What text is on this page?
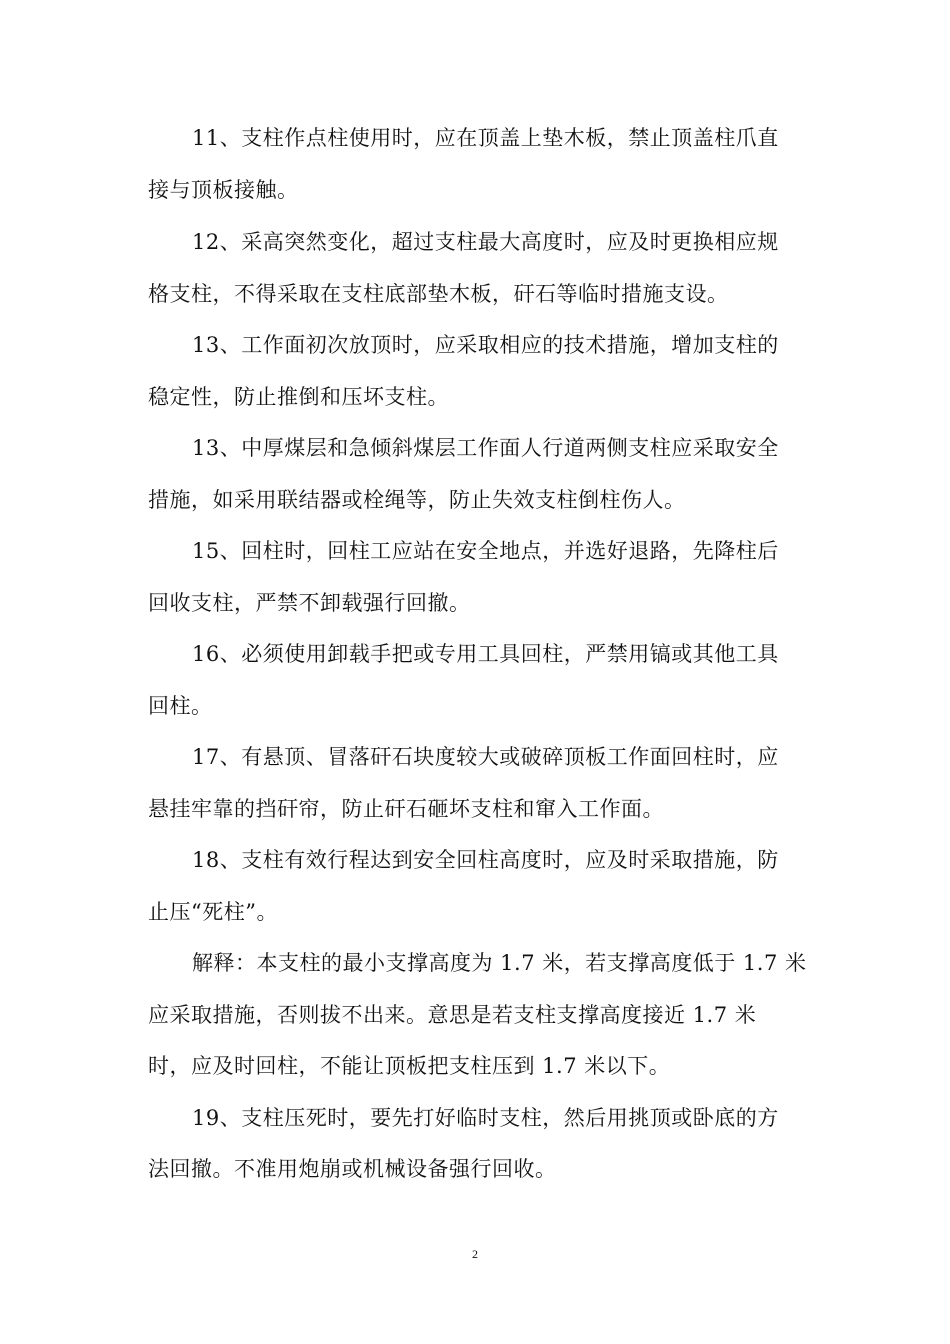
11、支柱作点柱使用时，应在顶盖上垫木板，禁止顶盖柱爪直
接与顶板接触。
12、采高突然变化，超过支柱最大高度时，应及时更换相应规
格支柱，不得采取在支柱底部垫木板，矸石等临时措施支设。
13、工作面初次放顶时，应采取相应的技术措施，增加支柱的
稳定性，防止推倒和压坏支柱。
13、中厚煤层和急倾斜煤层工作面人行道两侧支柱应采取安全
措施，如采用联结器或栓绳等，防止失效支柱倒柱伤人。
15、回柱时，回柱工应站在安全地点，并选好退路，先降柱后
回收支柱，严禁不卸载强行回撤。
16、必须使用卸载手把或专用工具回柱，严禁用镐或其他工具
回柱。
17、有悬顶、冒落矸石块度较大或破碎顶板工作面回柱时，应
悬挂牢靠的挡矸帘，防止矸石砸坏支柱和窜入工作面。
18、支柱有效行程达到安全回柱高度时，应及时采取措施，防
止压“死柱”。
解释：本支柱的最小支撑高度为 1.7 米，若支撑高度低于 1.7 米
应采取措施，否则拔不出来。意思是若支柱支撑高度接近 1.7 米
时，应及时回柱，不能让顶板把支柱压到 1.7 米以下。
19、支柱压死时，要先打好临时支柱，然后用挑顶或卧底的方
法回撤。不准用炮崩或机械设备强行回收。
2
